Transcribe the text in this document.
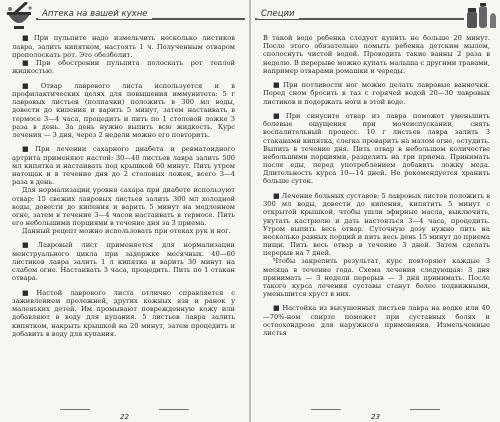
Аптека на вашей кухне

■ При пульпите надо измельчить несколько листиков лавра, залить кипятком, настоять 1 ч. Полученным отваром прополоскать рот. Это обезболит.

■ При обострении пульпита полоскать рот теплой жидкостью.

■ Отвар лаврового листа используется и в профилактических целях для повышения иммунитета: 5 г лавровых листьев (полпачки) положить в 300 мл воды, довести до кипения и варить 5 минут, затем настаивать в термосе 3—4 часа, процедить и пить по 1 столовой ложке 3 раза в день. За день нужно выпить всю жидкость. Курс лечения — 3 дня, через 2 недели можно его повторить.

■ При лечении сахарного диабета и ревматоидного артрита применяют настой: 30—40 листьев лавра залить 500 мл кипятка и настаивать под крышкой 60 минут. Пить утром натощак и в течение дня до 2 столовых ложек, всего 3—4 раза в день.

Для нормализации уровня сахара при диабете используют отвар: 15 свежих лавровых листьев залить 300 мл холодной воды, довести до кипения и варить 5 минут на медленном огне, затем в течение 3—4 часов настаивать в термосе. Пить его небольшими порциями в течение дня за 3 приема.

Данный рецепт можно использовать при отеках рук и ног.

■ Лавровый лист применяется для нормализации менструального цикла при задержке месячных. 40—60 листиков лавра залить 1 л кипятка и варить 30 минут на слабом огне. Настаивать 3 часа, процедить. Пить по 1 стакан отвара.

■ Настой лаврового листа отлично справляется с заживлением пролежней, других кожных язв и ранок у маленьких детей. Им промывают поврежденную кожу или добавляют в воду для купания. 5 листьев лавра залить кипятком, накрыть крышкой на 20 минут, затем процедить и добавить в воду для купания.

22
Специи

В такой воде ребенка следует купить не больше 20 минут. После этого обязательно помыть ребенка детским мылом, сполоснуть чистой водой. Проводить такие ванны 2 раза в неделю. В перерыве можно купать малыша с другими травами, например отварами ромашки и череды.

■ При потливости ног можно делать лавровые ванночки. Перед сном бросить в таз с горячей водой 20—30 лавровых листиков и подержать ноги в этой воде.

■ При синусите отвар из лавра поможет уменьшить болевые ощущения при мочеиспускании, снять воспалительный процесс. 10 г листьев лавра залить 3 стаканами кипятка, слегка проварить на малом огне, остудить. Выпить в течение дня. Пить отвар в небольшом количестве небольшими порциями, разделить на три приема. Принимать после еды, перед употреблением добавить ложку меда. Длительность курса 10—14 дней. Не рекомендуется хранить больше суток.

■ Лечение больных суставов: 5 лавровых листов положить в 300 мл воды, довести до кипения, кипятить 5 минут с открытой крышкой, чтобы ушли эфирные масла, выключить, укутать кастрюлю и дать настояться 3—4 часа, процедить. Утром выпить весь отвар. Суточную дозу нужно пить на несколько равных порций и пить весь день 15 минут до приема пищи. Пить весь отвар в течение 3 дней. Затем сделать перерыв на 7 дней.

Чтобы закрепить результат, курс повторяют каждые 3 месяца в течение года. Схема лечения следующая: 3 дня принимать — 3 недели перерыв — 3 дня принимать. После такого курса лечения суставы станут более подвижными, уменьшится хруст в них.

■ Настойка из высушенных листьев лавра на водке или 40—70%-ном спирте поможет при суставных болях и остеохондрозе для наружного применения. Измельченные листья

23
